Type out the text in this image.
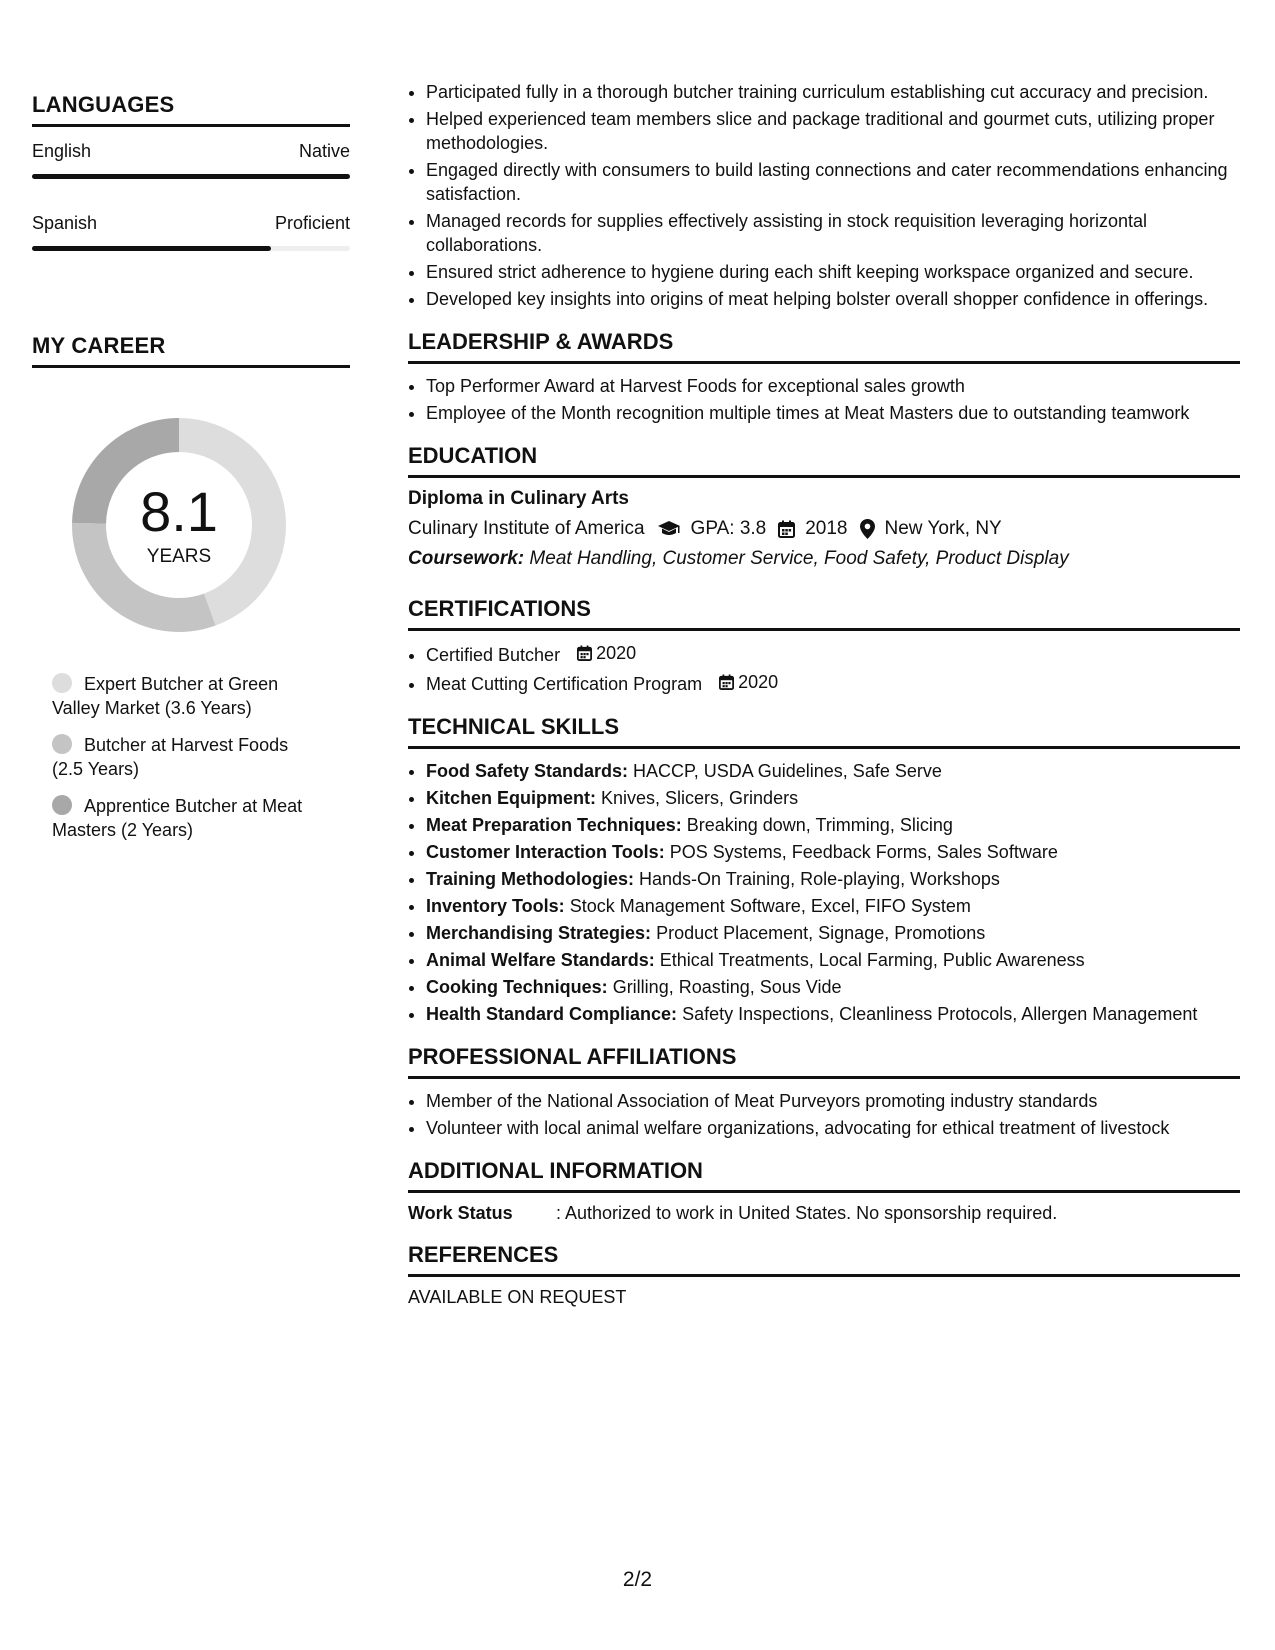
LANGUAGES
English	Native
Spanish	Proficient
MY CAREER
8.1
YEARS
Expert Butcher at Green Valley Market (3.6 Years)
Butcher at Harvest Foods (2.5 Years)
Apprentice Butcher at Meat Masters (2 Years)
• Participated fully in a thorough butcher training curriculum establishing cut accuracy and precision.
• Helped experienced team members slice and package traditional and gourmet cuts, utilizing proper methodologies.
• Engaged directly with consumers to build lasting connections and cater recommendations enhancing satisfaction.
• Managed records for supplies effectively assisting in stock requisition leveraging horizontal collaborations.
• Ensured strict adherence to hygiene during each shift keeping workspace organized and secure.
• Developed key insights into origins of meat helping bolster overall shopper confidence in offerings.
LEADERSHIP & AWARDS
• Top Performer Award at Harvest Foods for exceptional sales growth
• Employee of the Month recognition multiple times at Meat Masters due to outstanding teamwork
EDUCATION
Diploma in Culinary Arts
Culinary Institute of America GPA: 3.8 2018 New York, NY
Coursework: Meat Handling, Customer Service, Food Safety, Product Display
CERTIFICATIONS
• Certified Butcher 2020
• Meat Cutting Certification Program 2020
TECHNICAL SKILLS
• Food Safety Standards: HACCP, USDA Guidelines, Safe Serve
• Kitchen Equipment: Knives, Slicers, Grinders
• Meat Preparation Techniques: Breaking down, Trimming, Slicing
• Customer Interaction Tools: POS Systems, Feedback Forms, Sales Software
• Training Methodologies: Hands-On Training, Role-playing, Workshops
• Inventory Tools: Stock Management Software, Excel, FIFO System
• Merchandising Strategies: Product Placement, Signage, Promotions
• Animal Welfare Standards: Ethical Treatments, Local Farming, Public Awareness
• Cooking Techniques: Grilling, Roasting, Sous Vide
• Health Standard Compliance: Safety Inspections, Cleanliness Protocols, Allergen Management
PROFESSIONAL AFFILIATIONS
• Member of the National Association of Meat Purveyors promoting industry standards
• Volunteer with local animal welfare organizations, advocating for ethical treatment of livestock
ADDITIONAL INFORMATION
Work Status	: Authorized to work in United States. No sponsorship required.
REFERENCES
AVAILABLE ON REQUEST
2/2
